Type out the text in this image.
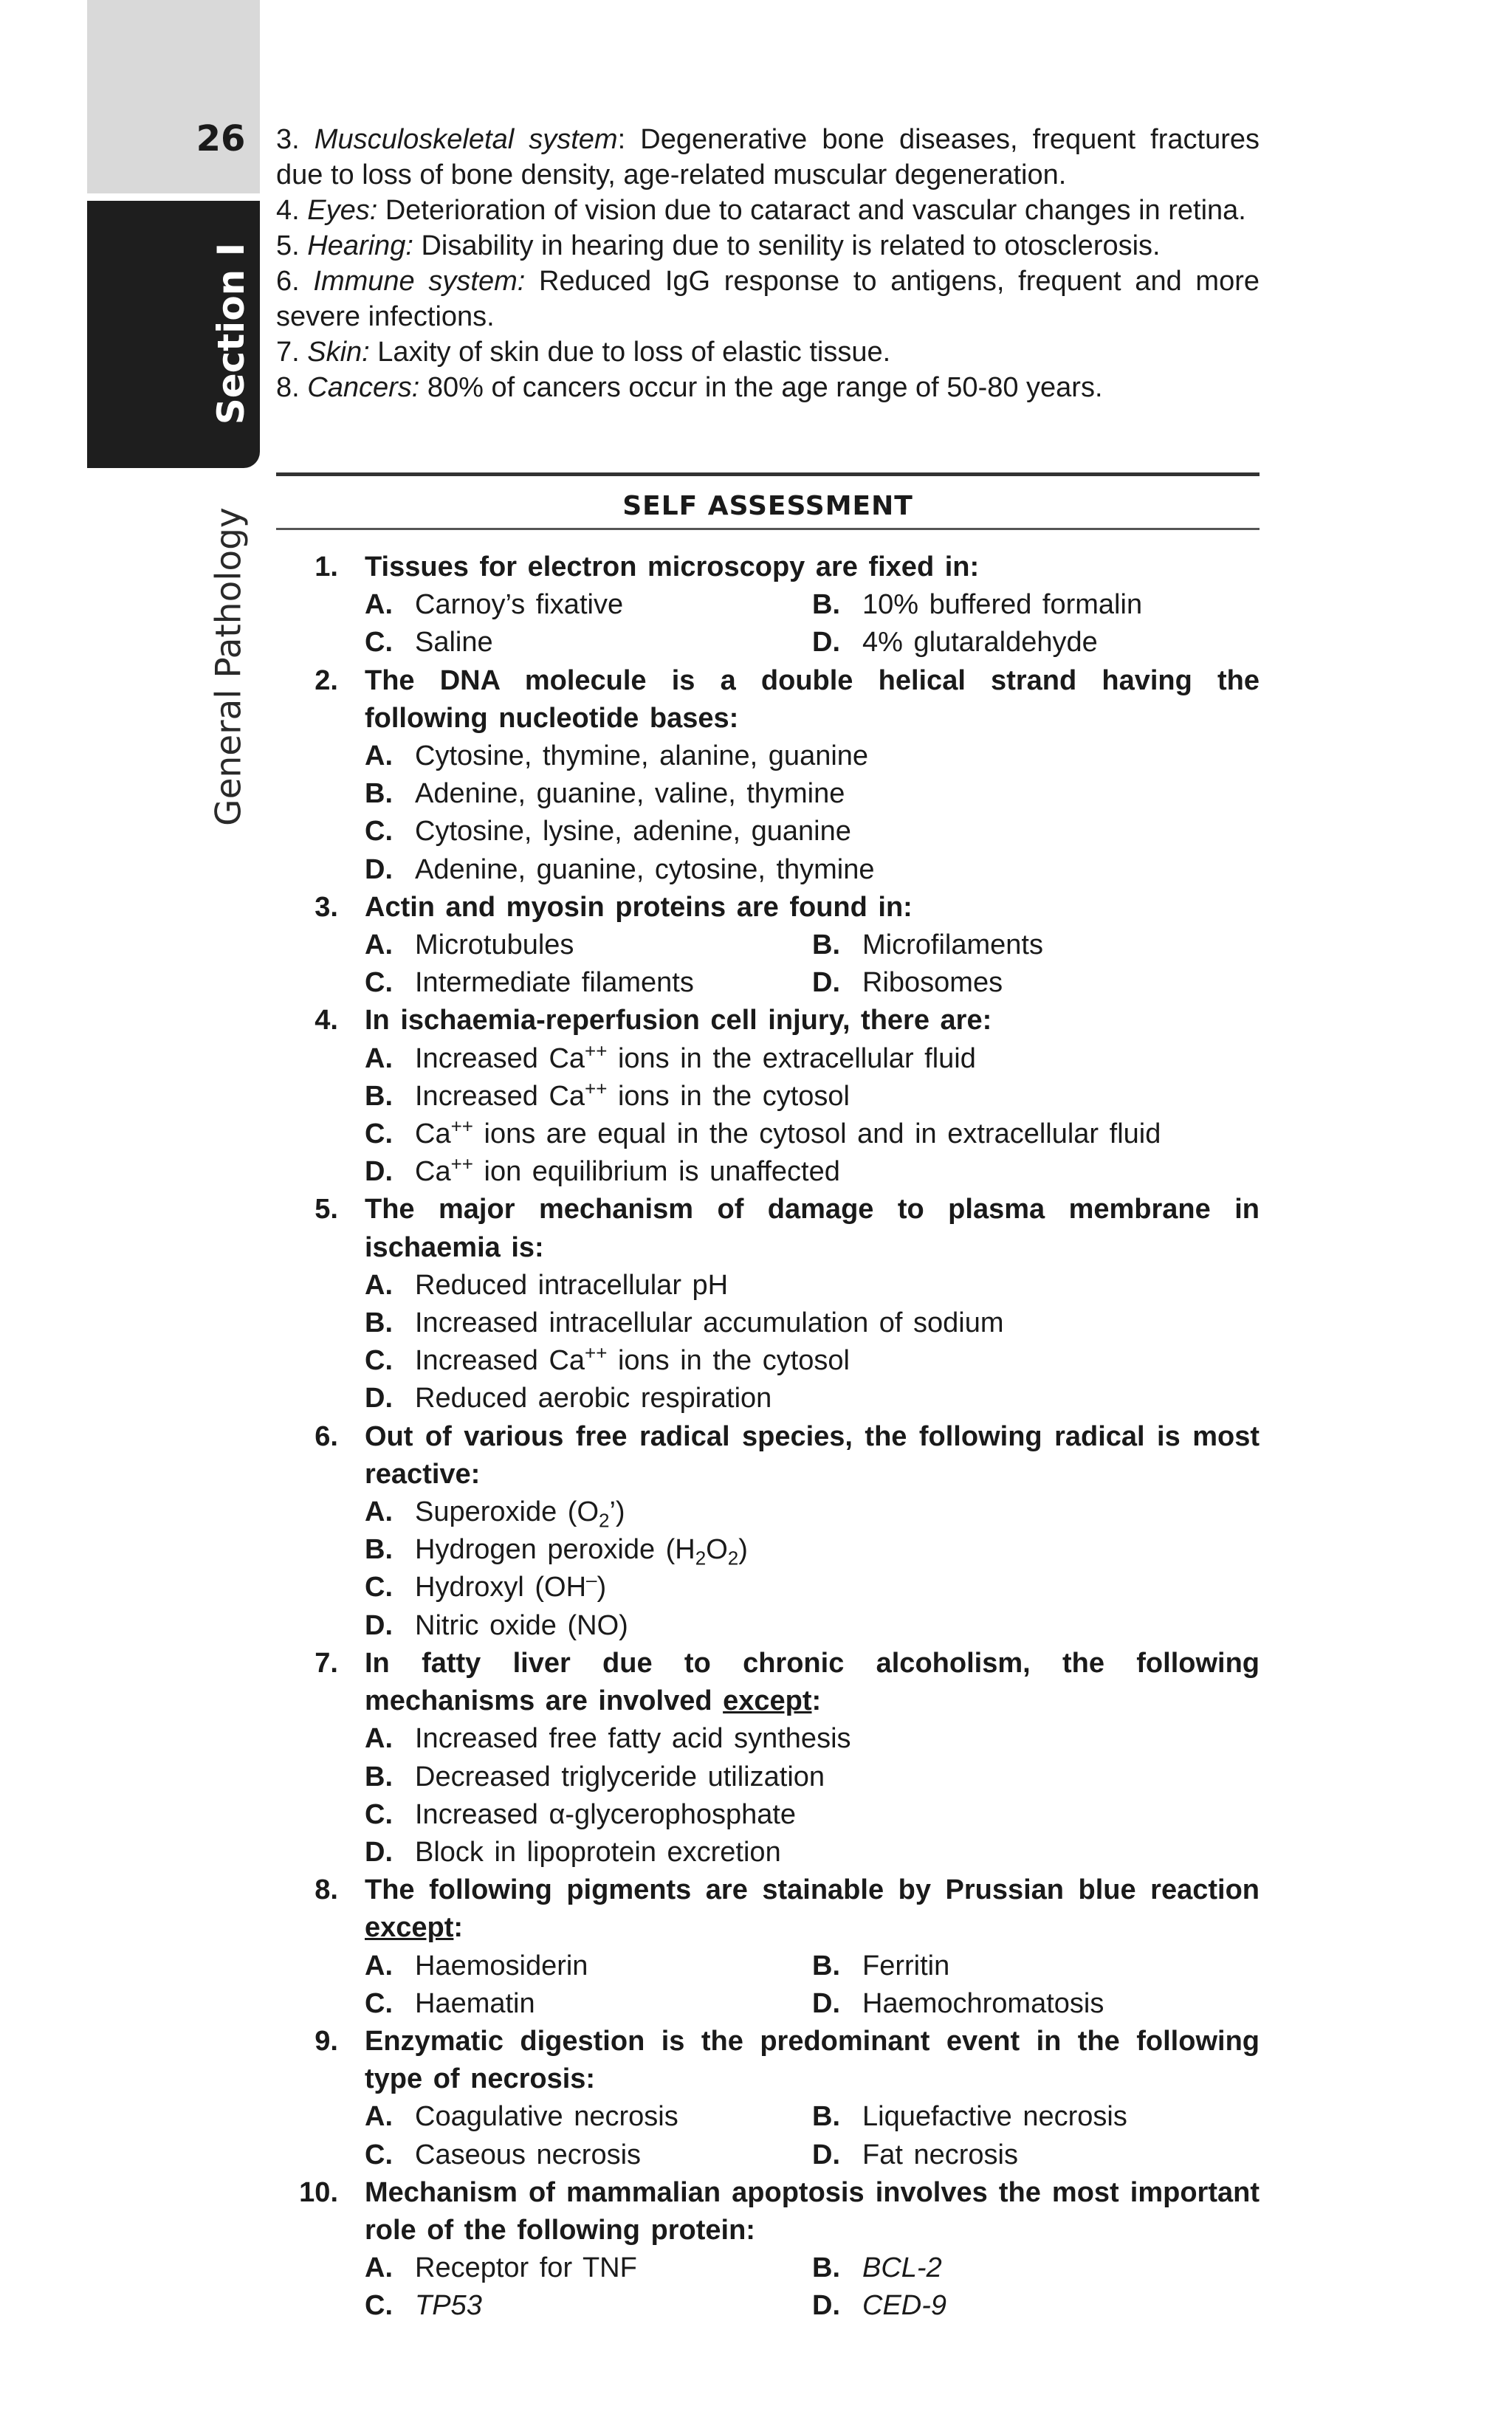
26
Section I
General Pathology

3. Musculoskeletal system: Degenerative bone diseases, frequent fractures due to loss of bone density, age-related muscular degeneration.

4. Eyes: Deterioration of vision due to cataract and vascular changes in retina.

5. Hearing: Disability in hearing due to senility is related to otosclerosis.

6. Immune system: Reduced IgG response to antigens, frequent and more severe infections.

7. Skin: Laxity of skin due to loss of elastic tissue.

8. Cancers: 80% of cancers occur in the age range of 50-80 years.

SELF ASSESSMENT
1. Tissues for electron microscopy are fixed in:
A. Carnoy’s fixative	B. 10% buffered formalin
C. Saline	D. 4% glutaraldehyde
2. The DNA molecule is a double helical strand having the following nucleotide bases:
A. Cytosine, thymine, alanine, guanine
B. Adenine, guanine, valine, thymine
C. Cytosine, lysine, adenine, guanine
D. Adenine, guanine, cytosine, thymine
3. Actin and myosin proteins are found in:
A. Microtubules	B. Microfilaments
C. Intermediate filaments	D. Ribosomes
4. In ischaemia-reperfusion cell injury, there are:
A. Increased Ca++ ions in the extracellular fluid
B. Increased Ca++ ions in the cytosol
C. Ca++ ions are equal in the cytosol and in extracellular fluid
D. Ca++ ion equilibrium is unaffected
5. The major mechanism of damage to plasma membrane in ischaemia is:
A. Reduced intracellular pH
B. Increased intracellular accumulation of sodium
C. Increased Ca++ ions in the cytosol
D. Reduced aerobic respiration
6. Out of various free radical species, the following radical is most reactive:
A. Superoxide $(O_2’)$
B. Hydrogen peroxide $(H_2O_2)$
C. Hydroxyl (OH–)
D. Nitric oxide (NO)
7. In fatty liver due to chronic alcoholism, the following mechanisms are involved except:
A. Increased free fatty acid synthesis
B. Decreased triglyceride utilization
C. Increased α-glycerophosphate
D. Block in lipoprotein excretion
8. The following pigments are stainable by Prussian blue reaction except:
A. Haemosiderin	B. Ferritin
C. Haematin	D. Haemochromatosis
9. Enzymatic digestion is the predominant event in the following type of necrosis:
A. Coagulative necrosis	B. Liquefactive necrosis
C. Caseous necrosis	D. Fat necrosis
10. Mechanism of mammalian apoptosis involves the most important role of the following protein:
A. Receptor for TNF	B. BCL-2
C. TP53	D. CED-9
